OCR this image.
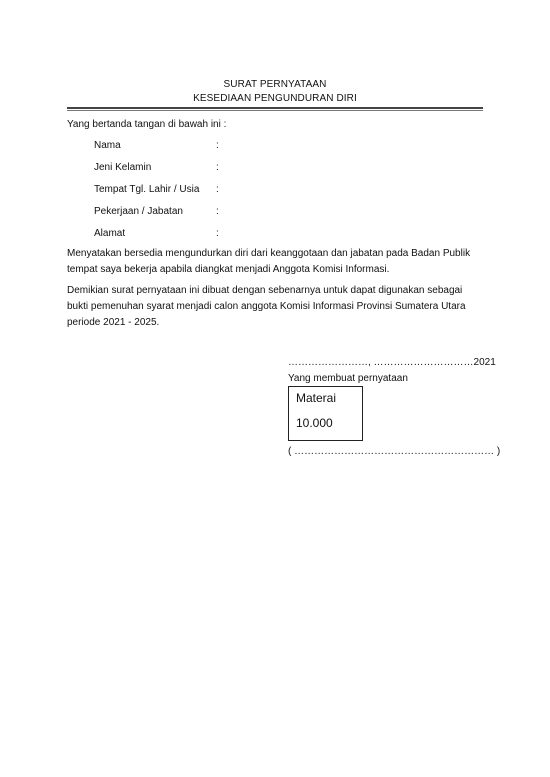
SURAT PERNYATAAN
KESEDIAAN PENGUNDURAN DIRI
Yang bertanda tangan di bawah ini :
Nama	:
Jeni Kelamin	:
Tempat Tgl. Lahir / Usia :
Pekerjaan / Jabatan	:
Alamat	:
Menyatakan bersedia mengundurkan diri dari keanggotaan dan jabatan pada Badan Publik
tempat saya bekerja apabila diangkat menjadi Anggota Komisi Informasi.
Demikian surat pernyataan ini dibuat dengan sebenarnya untuk dapat digunakan sebagai
bukti pemenuhan syarat menjadi calon anggota Komisi Informasi Provinsi Sumatera Utara
periode 2021 - 2025.
……………………, …………………………2021
Yang membuat pernyataan
Materai
10.000
( …………………………………………………… )
